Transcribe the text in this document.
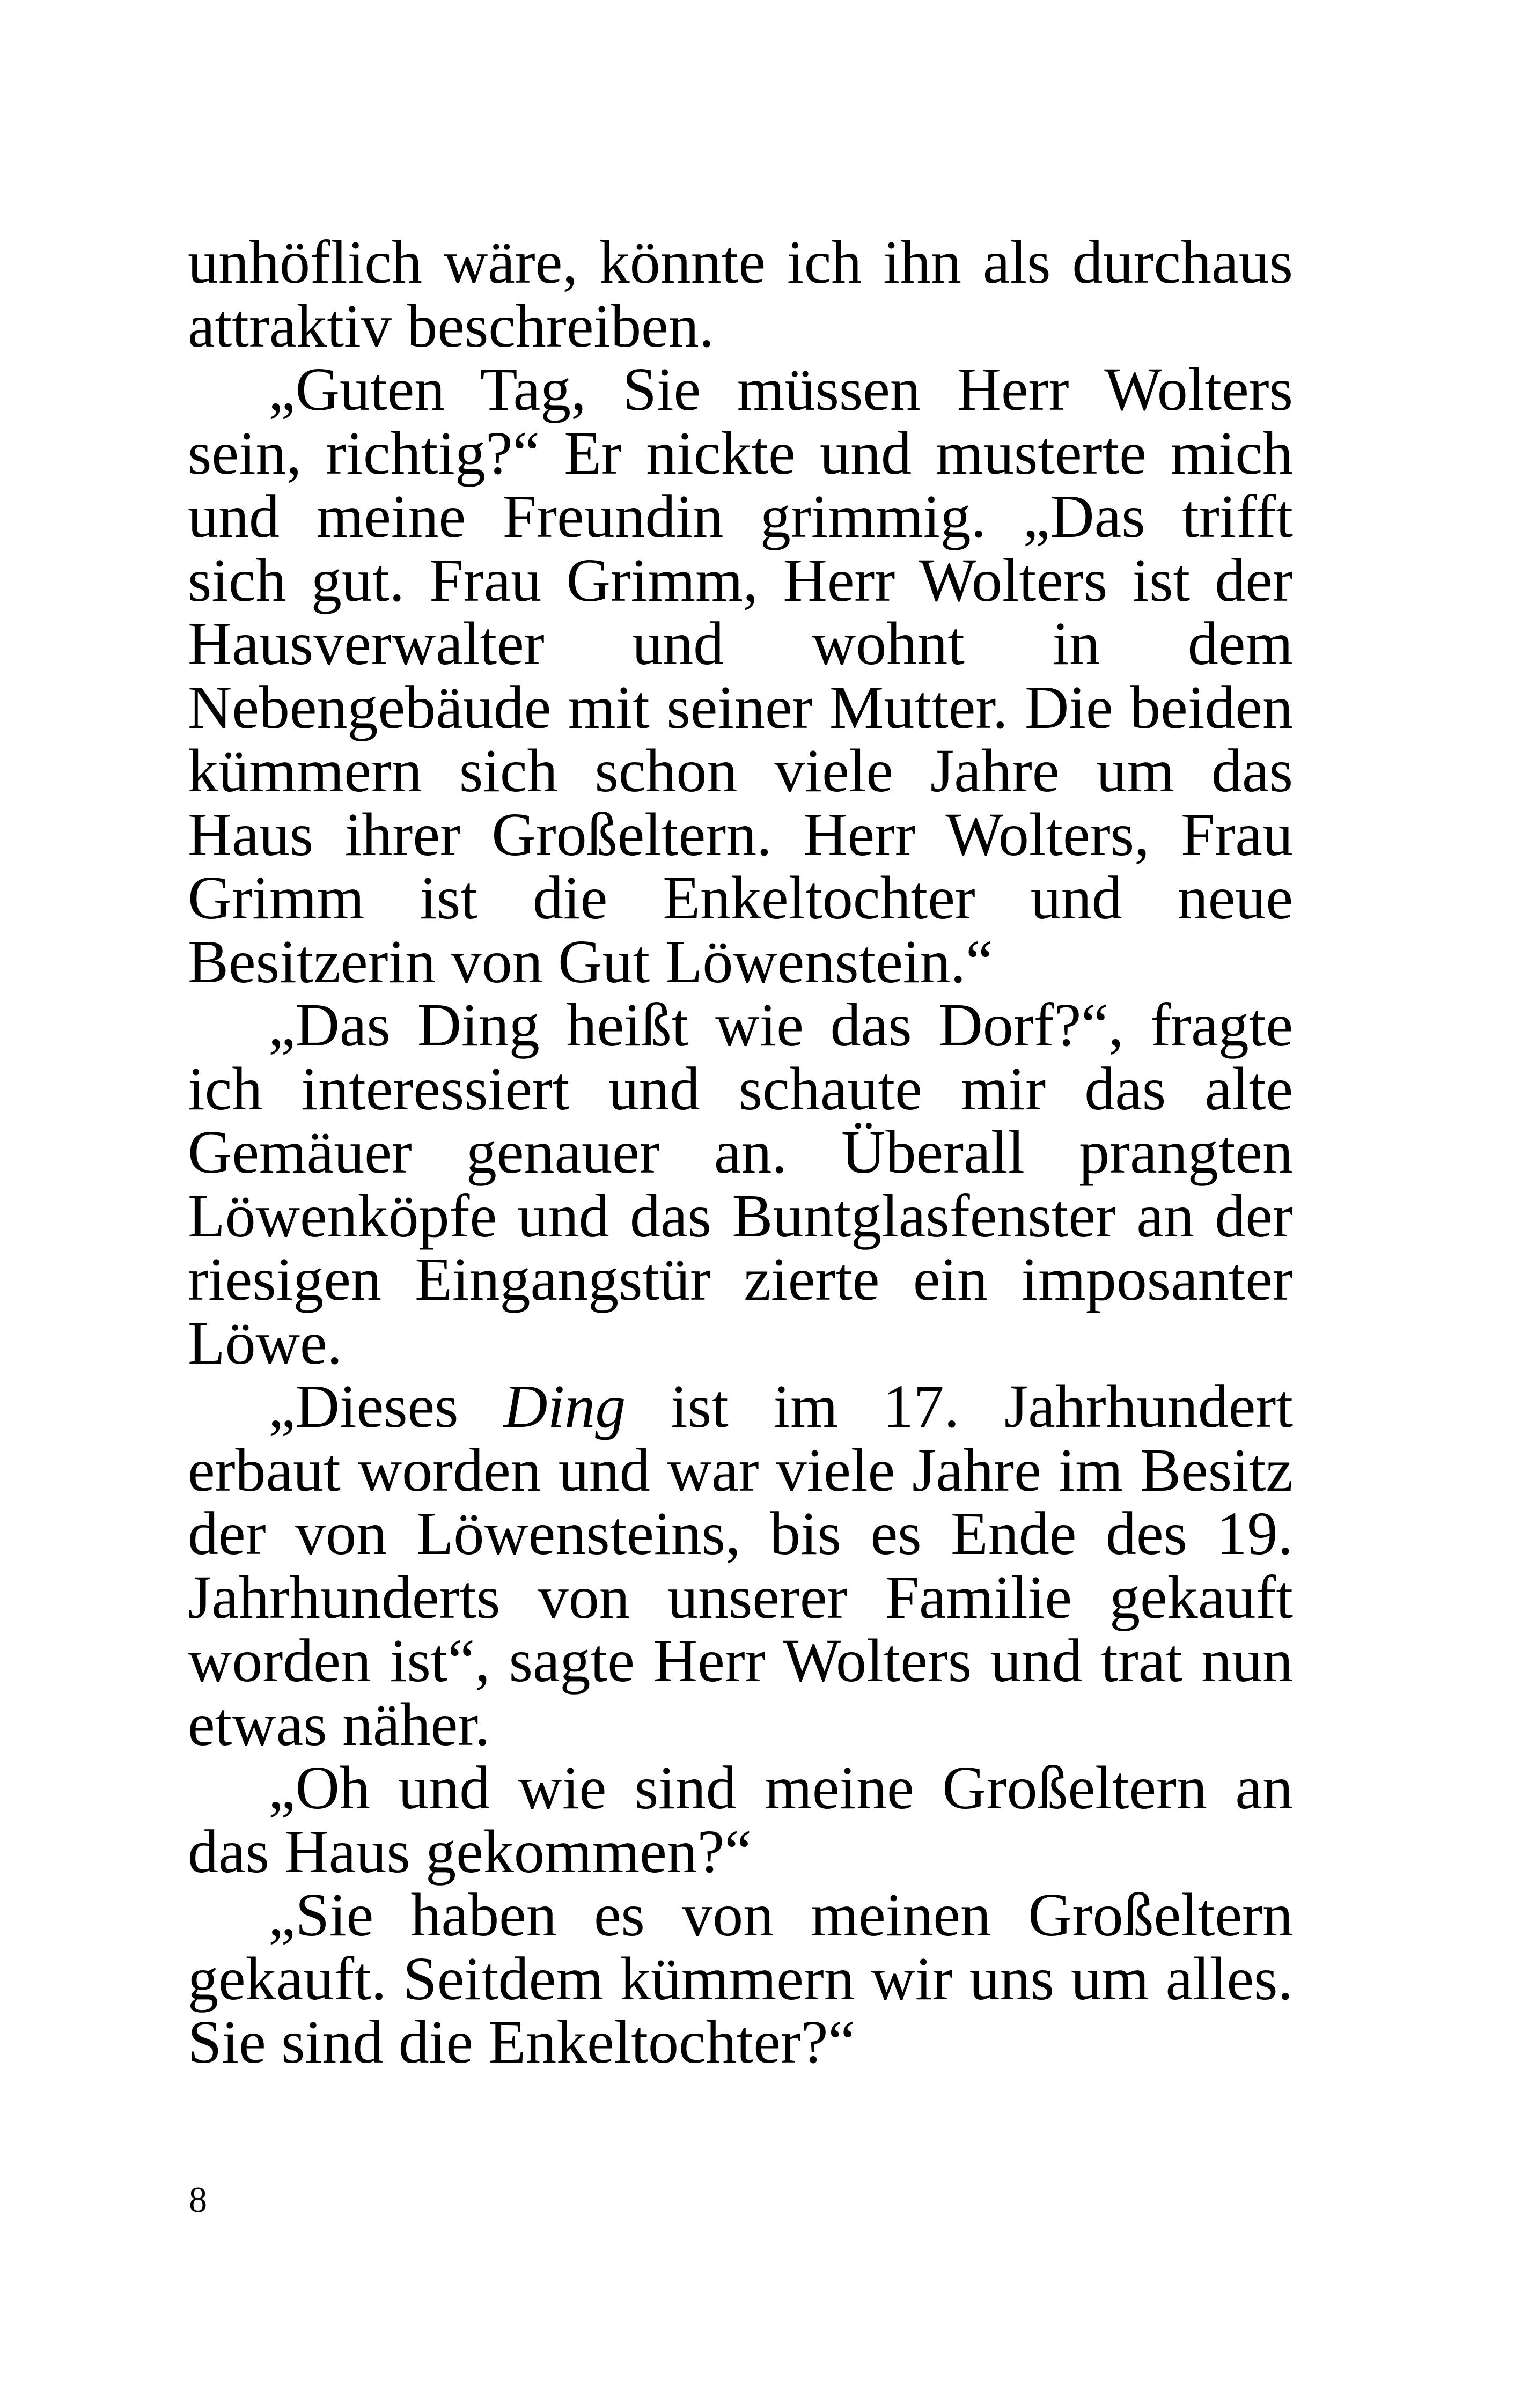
unhöflich wäre, könnte ich ihn als durchaus attraktiv beschreiben.

„Guten Tag, Sie müssen Herr Wolters sein, richtig?“ Er nickte und musterte mich und meine Freundin grimmig. „Das trifft sich gut. Frau Grimm, Herr Wolters ist der Hausverwalter und wohnt in dem Nebengebäude mit seiner Mutter. Die beiden kümmern sich schon viele Jahre um das Haus ihrer Großeltern. Herr Wolters, Frau Grimm ist die Enkeltochter und neue Besitzerin von Gut Löwenstein.“

„Das Ding heißt wie das Dorf?“, fragte ich interessiert und schaute mir das alte Gemäuer genauer an. Überall prangten Löwenköpfe und das Buntglasfenster an der riesigen Eingangstür zierte ein imposanter Löwe.

„Dieses Ding ist im 17. Jahrhundert erbaut worden und war viele Jahre im Besitz der von Löwensteins, bis es Ende des 19. Jahrhunderts von unserer Familie gekauft worden ist“, sagte Herr Wolters und trat nun etwas näher.

„Oh und wie sind meine Großeltern an das Haus gekommen?“

„Sie haben es von meinen Großeltern gekauft. Seitdem kümmern wir uns um alles. Sie sind die Enkeltochter?“

8
